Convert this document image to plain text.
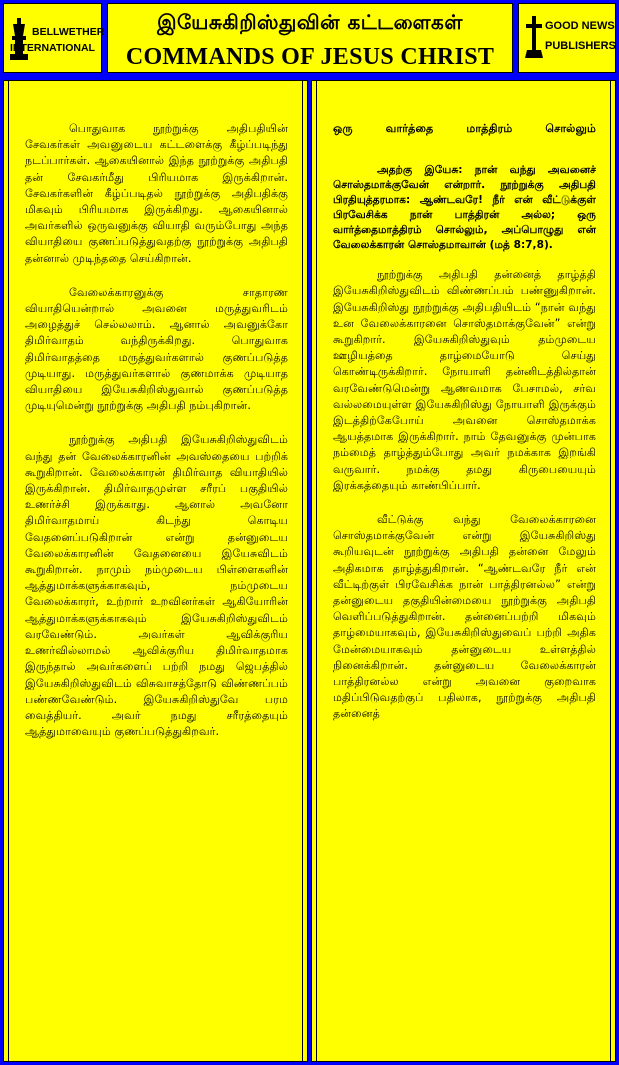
BELLWETHER
INTERNATIONAL
இயேசுகிறிஸ்துவின் கட்டளைகள்
COMMANDS OF JESUS CHRIST
GOOD NEWS
PUBLISHERS

பொதுவாக நூற்றுக்கு அதிபதியின் சேவகர்கள் அவனுடைய கட்டளைக்கு கீழ்ப்படிந்து நடப்பார்கள். ஆகையினால் இந்த நூற்றுக்கு அதிபதி தன் சேவகர்மீது பிரியமாக இருக்கிறான். சேவகர்களின் கீழ்ப்படிதல் நூற்றுக்கு அதிபதிக்கு மிகவும் பிரியமாக இருக்கிறது. ஆகையினால் அவர்களில் ஒருவனுக்கு வியாதி வரும்போது அந்த வியாதியை குணப்படுத்துவதற்கு நூற்றுக்கு அதிபதி தன்னால் முடிந்ததை செய்கிறான்.

வேலைக்காரனுக்கு சாதாரண வியாதியென்றால் அவனை மருத்துவரிடம் அழைத்துச் செல்லலாம். ஆனால் அவனுக்கோ திமிர்வாதம் வந்திருக்கிறது. பொதுவாக திமிர்வாதத்தை மருத்துவர்களால் குணப்படுத்த முடியாது. மருத்துவர்களால் குணமாக்க முடியாத வியாதியை இயேசுகிறிஸ்துவால் குணப்படுத்த முடியுமென்று நூற்றுக்கு அதிபதி நம்புகிறான்.

நூற்றுக்கு அதிபதி இயேசுகிறிஸ்துவிடம் வந்து தன் வேலைக்காரனின் அவஸ்தையை பற்றிக் கூறுகிறான். வேலைக்காரன் திமிர்வாத வியாதியில் இருக்கிறான். திமிர்வாதமுள்ள சரீரப் பகுதியில் உணர்ச்சி இருக்காது. ஆனால் அவனோ திமிர்வாதமாய் கிடந்து கொடிய வேதனைப்படுகிறான் என்று தன்னுடைய வேலைக்காரனின் வேதனையை இயேசுவிடம் கூறுகிறான். நாமும் நம்முடைய பிள்ளைகளின் ஆத்துமாக்களுக்காகவும், நம்முடைய வேலைக்காரர், உற்றார் உறவினர்கள் ஆகியோரின் ஆத்துமாக்களுக்காகவும் இயேசுகிறிஸ்துவிடம் வரவேண்டும். அவர்கள் ஆவிக்குரிய உணர்வில்லாமல் ஆவிக்குரிய திமிர்வாதமாக இருந்தால் அவர்களைப் பற்றி நமது ஜெபத்தில் இயேசுகிறிஸ்துவிடம் விசுவாசத்தோடு விண்ணப்பம் பண்ணவேண்டும். இயேசுகிறிஸ்துவே பரம வைத்தியர். அவர் நமது சரீரத்தையும் ஆத்துமாவையும் குணப்படுத்துகிறவர்.

ஒரு வார்த்தை மாத்திரம் சொல்லும்

அதற்கு இயேசு: நான் வந்து அவனைச் சொஸ்தமாக்குவேன் என்றார். நூற்றுக்கு அதிபதி பிரதியுத்தரமாக: ஆண்டவரே! நீர் என் வீட்டுக்குள் பிரவேசிக்க நான் பாத்திரன் அல்ல; ஒரு வார்த்தைமாத்திரம் சொல்லும், அப்பொழுது என் வேலைக்காரன் சொஸ்தமாவான் (மத் 8:7,8).

நூற்றுக்கு அதிபதி தன்னைத் தாழ்த்தி இயேசுகிறிஸ்துவிடம் விண்ணப்பம் பண்ணுகிறான். இயேசுகிறிஸ்து நூற்றுக்கு அதிபதியிடம் “நான் வந்து உன வேலைக்காரனை சொஸ்தமாக்குவேன்” என்று கூறுகிறார். இயேசுகிறிஸ்துவும் தம்முடைய ஊழியத்தை தாழ்மையோடு செய்து கொண்டிருக்கிறார். நோயாளி தன்னிடத்தில்தான் வரவேண்டுமென்று ஆணவமாக பேசாமல், சர்வ வல்லமையுள்ள இயேசுகிறிஸ்து நோயாளி இருக்கும் இடத்திற்கேபோய் அவனை சொஸ்தமாக்க ஆயத்தமாக இருக்கிறார். நாம் தேவனுக்கு முன்பாக நம்மைத் தாழ்த்தும்போது அவர் நமக்காக இறங்கி வருவார். நமக்கு தமது கிருபையையும் இரக்கத்தையும் காண்பிப்பார்.

வீட்டுக்கு வந்து வேலைக்காரனை சொஸ்தமாக்குவேன் என்று இயேசுகிறிஸ்து கூறியவுடன் நூற்றுக்கு அதிபதி தன்னை மேலும் அதிகமாக தாழ்த்துகிறான். “ஆண்டவரே நீர் என் வீட்டிற்குள் பிரவேசிக்க நான் பாத்திரனல்ல” என்று தன்னுடைய தகுதியின்மையை நூற்றுக்கு அதிபதி வெளிப்படுத்துகிறான். தன்னைப்பற்றி மிகவும் தாழ்மையாகவும், இயேசுகிறிஸ்துவைப் பற்றி அதிக மேன்மையாகவும் தன்னுடைய உள்ளத்தில் நினைக்கிறான். தன்னுடைய வேலைக்காரன் பாத்திரனல்ல என்று அவனை குறைவாக மதிப்பிடுவதற்குப் பதிலாக, நூற்றுக்கு அதிபதி தன்னைத்
